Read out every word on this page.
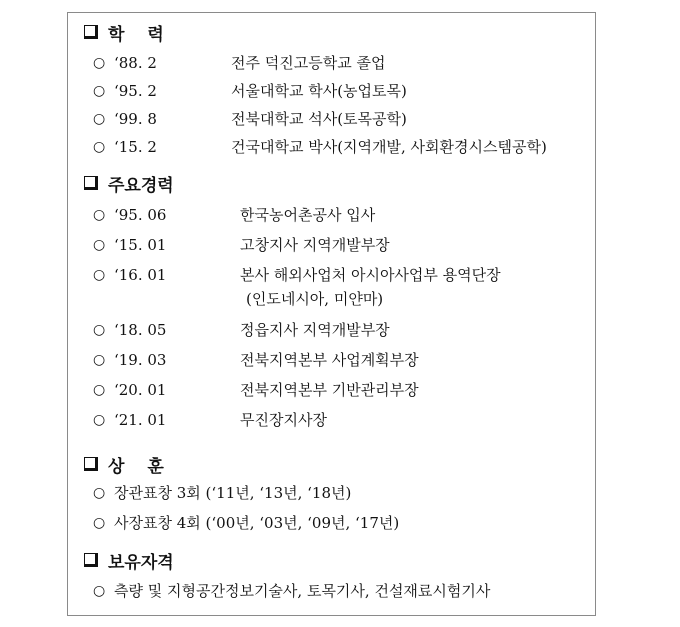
학　 력
○ ‘88. 2	전주 덕진고등학교 졸업
○ ‘95. 2	서울대학교 학사(농업토목)
○ ‘99. 8	전북대학교 석사(토목공학)
○ ‘15. 2	건국대학교 박사(지역개발, 사회환경시스템공학)
주요경력
○ ‘95. 06	한국농어촌공사 입사
○ ‘15. 01	고창지사 지역개발부장
○ ‘16. 01	본사 해외사업처 아시아사업부 용역단장
(인도네시아, 미얀마)
○ ‘18. 05	정읍지사 지역개발부장
○ ‘19. 03	전북지역본부 사업계획부장
○ ‘20. 01	전북지역본부 기반관리부장
○ ‘21. 01	무진장지사장
상　 훈
○ 장관표창 3회 (‘11년, ‘13년, ‘18년)
○ 사장표창 4회 (‘00년, ‘03년, ‘09년, ‘17년)
보유자격
○ 측량 및 지형공간정보기술사, 토목기사, 건설재료시험기사
